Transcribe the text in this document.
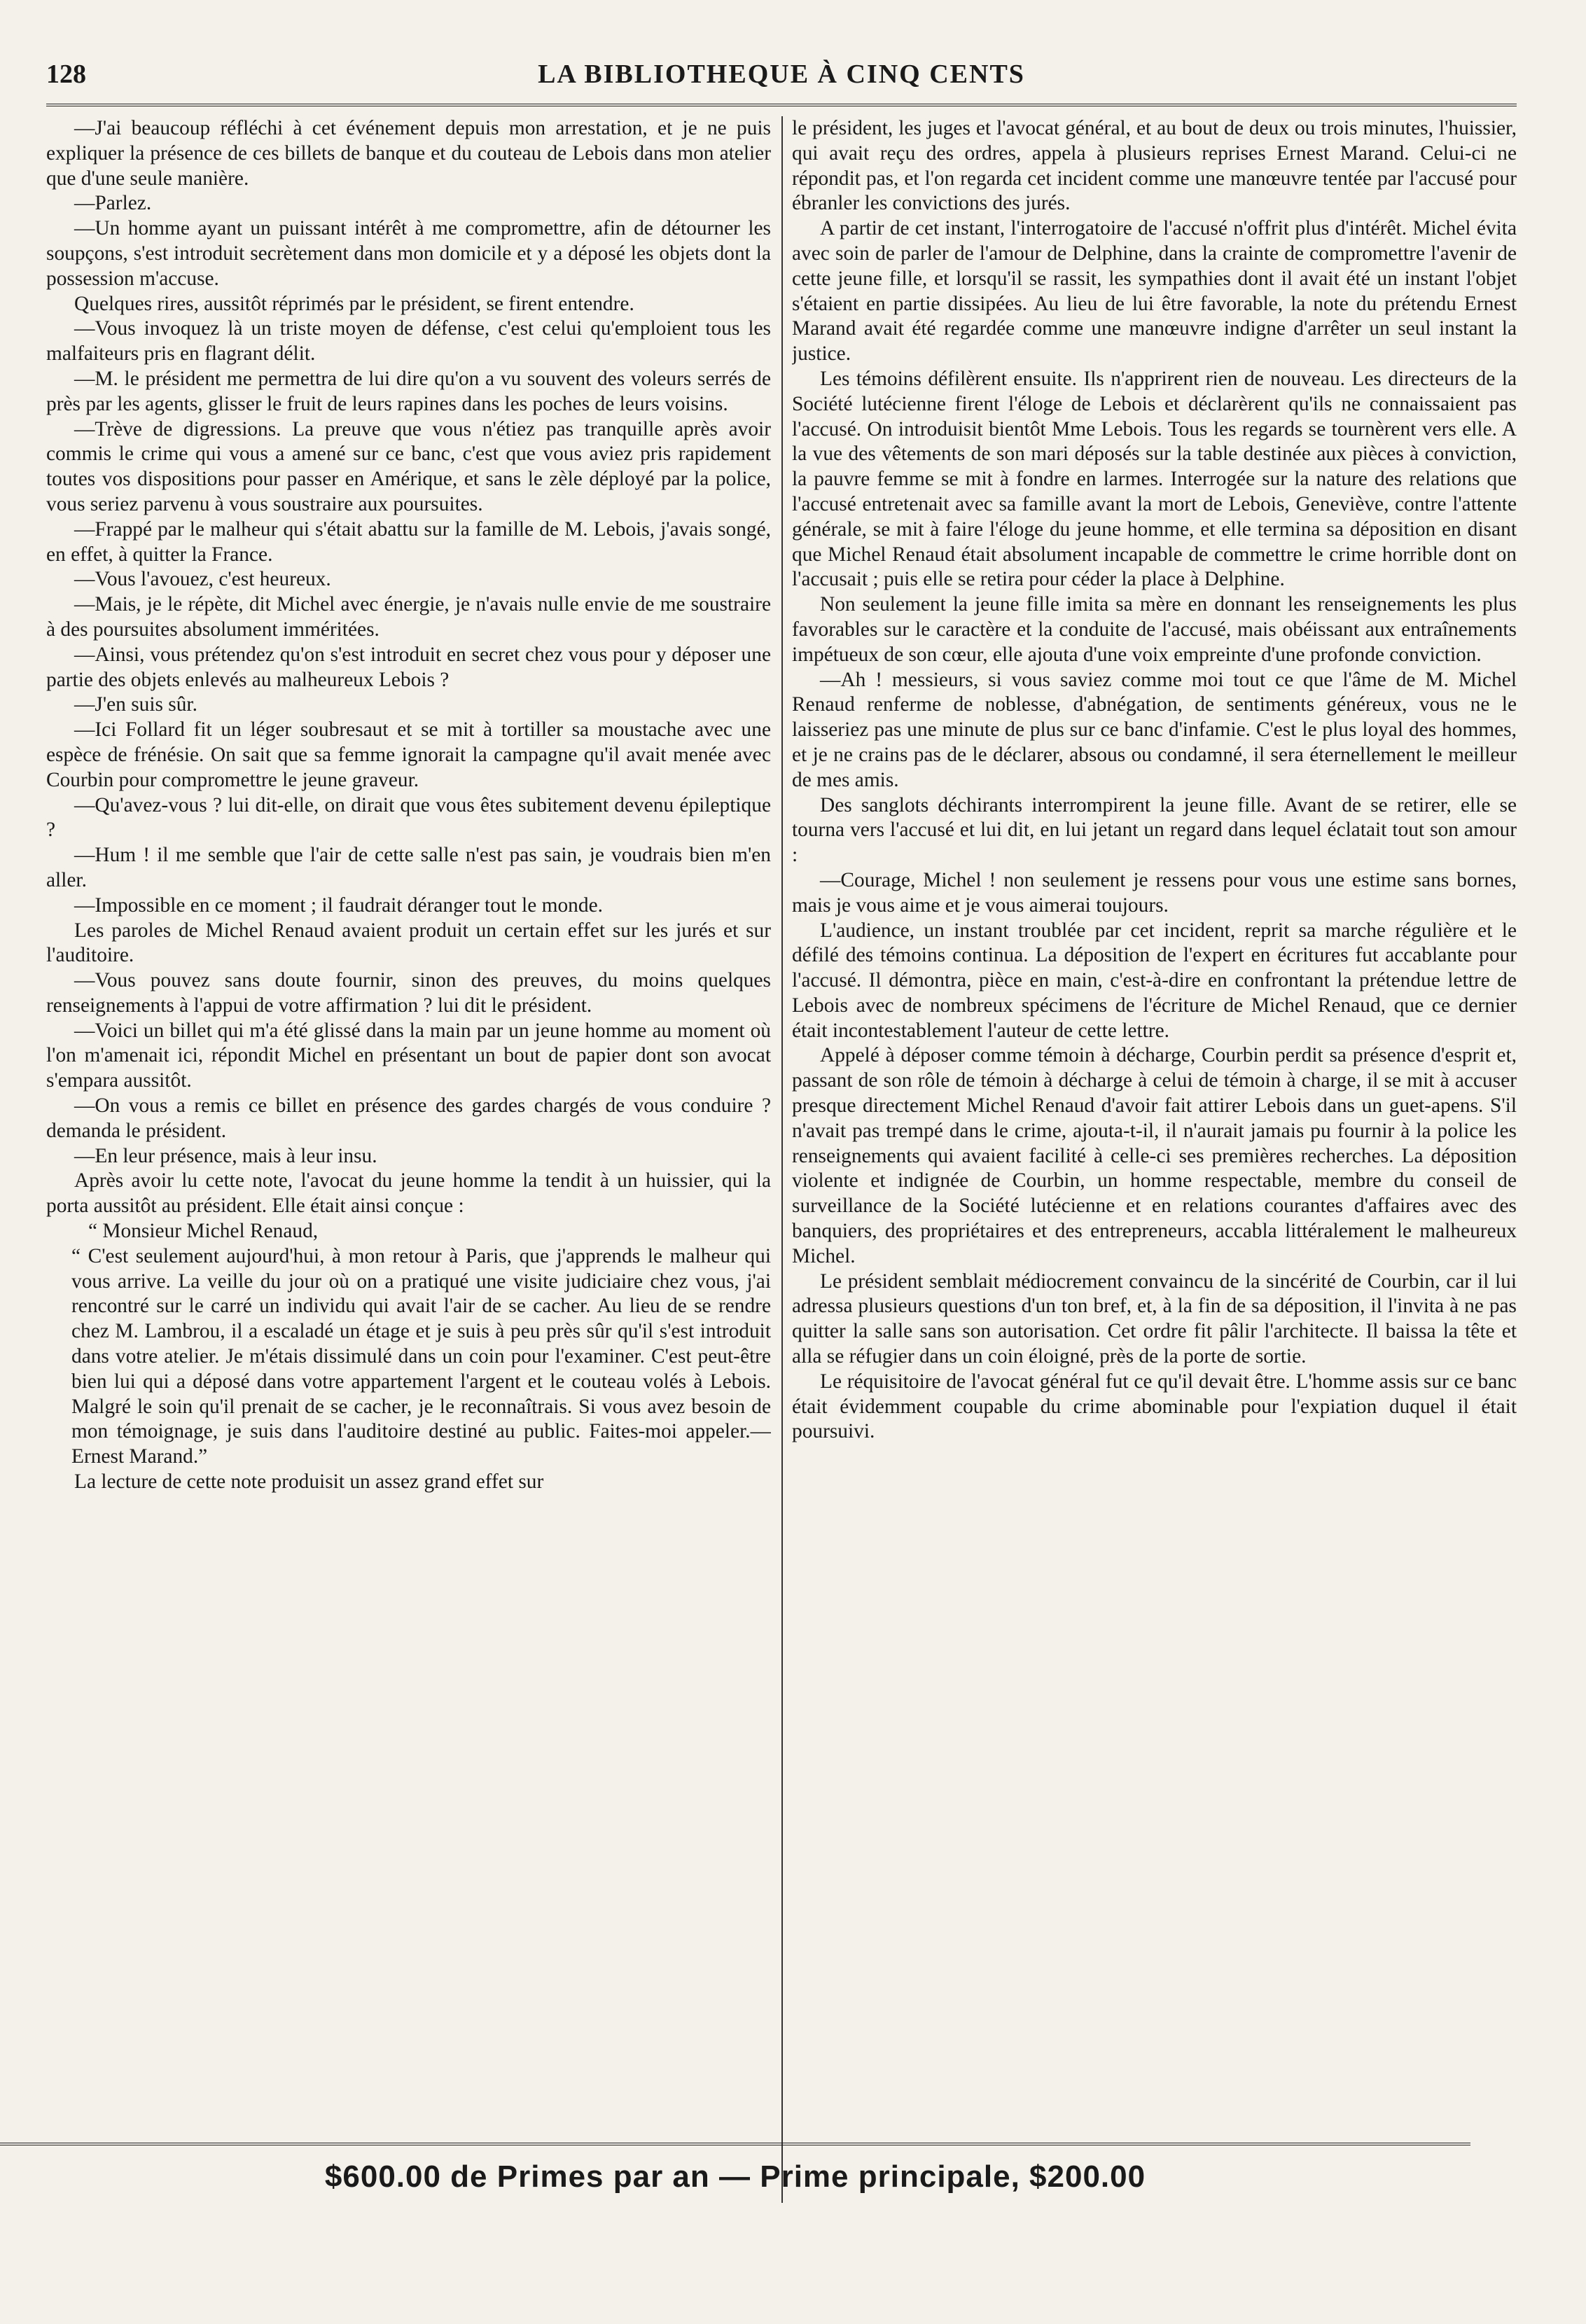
128	LA BIBLIOTHEQUE À CINQ CENTS

—J'ai beaucoup réfléchi à cet événement depuis mon arrestation, et je ne puis expliquer la présence de ces billets de banque et du couteau de Lebois dans mon atelier que d'une seule manière.

—Parlez.

—Un homme ayant un puissant intérêt à me compromettre, afin de détourner les soupçons, s'est introduit secrètement dans mon domicile et y a déposé les objets dont la possession m'accuse.

Quelques rires, aussitôt réprimés par le président, se firent entendre.

—Vous invoquez là un triste moyen de défense, c'est celui qu'emploient tous les malfaiteurs pris en flagrant délit.

—M. le président me permettra de lui dire qu'on a vu souvent des voleurs serrés de près par les agents, glisser le fruit de leurs rapines dans les poches de leurs voisins.

—Trève de digressions. La preuve que vous n'étiez pas tranquille après avoir commis le crime qui vous a amené sur ce banc, c'est que vous aviez pris rapidement toutes vos dispositions pour passer en Amérique, et sans le zèle déployé par la police, vous seriez parvenu à vous soustraire aux poursuites.

—Frappé par le malheur qui s'était abattu sur la famille de M. Lebois, j'avais songé, en effet, à quitter la France.

—Vous l'avouez, c'est heureux.

—Mais, je le répète, dit Michel avec énergie, je n'avais nulle envie de me soustraire à des poursuites absolument imméritées.

—Ainsi, vous prétendez qu'on s'est introduit en secret chez vous pour y déposer une partie des objets enlevés au malheureux Lebois ?

—J'en suis sûr.

—Ici Follard fit un léger soubresaut et se mit à tortiller sa moustache avec une espèce de frénésie. On sait que sa femme ignorait la campagne qu'il avait menée avec Courbin pour compromettre le jeune graveur.

—Qu'avez-vous ? lui dit-elle, on dirait que vous êtes subitement devenu épileptique ?

—Hum ! il me semble que l'air de cette salle n'est pas sain, je voudrais bien m'en aller.

—Impossible en ce moment ; il faudrait déranger tout le monde.

Les paroles de Michel Renaud avaient produit un certain effet sur les jurés et sur l'auditoire.

—Vous pouvez sans doute fournir, sinon des preuves, du moins quelques renseignements à l'appui de votre affirmation ? lui dit le président.

—Voici un billet qui m'a été glissé dans la main par un jeune homme au moment où l'on m'amenait ici, répondit Michel en présentant un bout de papier dont son avocat s'empara aussitôt.

—On vous a remis ce billet en présence des gardes chargés de vous conduire ? demanda le président.

—En leur présence, mais à leur insu.

Après avoir lu cette note, l'avocat du jeune homme la tendit à un huissier, qui la porta aussitôt au président. Elle était ainsi conçue :

“ Monsieur Michel Renaud,

“ C'est seulement aujourd'hui, à mon retour à Paris, que j'apprends le malheur qui vous arrive. La veille du jour où on a pratiqué une visite judiciaire chez vous, j'ai rencontré sur le carré un individu qui avait l'air de se cacher. Au lieu de se rendre chez M. Lambrou, il a escaladé un étage et je suis à peu près sûr qu'il s'est introduit dans votre atelier. Je m'étais dissimulé dans un coin pour l'examiner. C'est peut-être bien lui qui a déposé dans votre appartement l'argent et le couteau volés à Lebois. Malgré le soin qu'il prenait de se cacher, je le reconnaîtrais. Si vous avez besoin de mon témoignage, je suis dans l'auditoire destiné au public. Faites-moi appeler.—Ernest Marand.”

La lecture de cette note produisit un assez grand effet sur

le président, les juges et l'avocat général, et au bout de deux ou trois minutes, l'huissier, qui avait reçu des ordres, appela à plusieurs reprises Ernest Marand. Celui-ci ne répondit pas, et l'on regarda cet incident comme une manœuvre tentée par l'accusé pour ébranler les convictions des jurés.

A partir de cet instant, l'interrogatoire de l'accusé n'offrit plus d'intérêt. Michel évita avec soin de parler de l'amour de Delphine, dans la crainte de compromettre l'avenir de cette jeune fille, et lorsqu'il se rassit, les sympathies dont il avait été un instant l'objet s'étaient en partie dissipées. Au lieu de lui être favorable, la note du prétendu Ernest Marand avait été regardée comme une manœuvre indigne d'arrêter un seul instant la justice.

Les témoins défilèrent ensuite. Ils n'apprirent rien de nouveau. Les directeurs de la Société lutécienne firent l'éloge de Lebois et déclarèrent qu'ils ne connaissaient pas l'accusé. On introduisit bientôt Mme Lebois. Tous les regards se tournèrent vers elle. A la vue des vêtements de son mari déposés sur la table destinée aux pièces à conviction, la pauvre femme se mit à fondre en larmes. Interrogée sur la nature des relations que l'accusé entretenait avec sa famille avant la mort de Lebois, Geneviève, contre l'attente générale, se mit à faire l'éloge du jeune homme, et elle termina sa déposition en disant que Michel Renaud était absolument incapable de commettre le crime horrible dont on l'accusait ; puis elle se retira pour céder la place à Delphine.

Non seulement la jeune fille imita sa mère en donnant les renseignements les plus favorables sur le caractère et la conduite de l'accusé, mais obéissant aux entraînements impétueux de son cœur, elle ajouta d'une voix empreinte d'une profonde conviction.

—Ah ! messieurs, si vous saviez comme moi tout ce que l'âme de M. Michel Renaud renferme de noblesse, d'abnégation, de sentiments généreux, vous ne le laisseriez pas une minute de plus sur ce banc d'infamie. C'est le plus loyal des hommes, et je ne crains pas de le déclarer, absous ou condamné, il sera éternellement le meilleur de mes amis.

Des sanglots déchirants interrompirent la jeune fille. Avant de se retirer, elle se tourna vers l'accusé et lui dit, en lui jetant un regard dans lequel éclatait tout son amour :

—Courage, Michel ! non seulement je ressens pour vous une estime sans bornes, mais je vous aime et je vous aimerai toujours.

L'audience, un instant troublée par cet incident, reprit sa marche régulière et le défilé des témoins continua. La déposition de l'expert en écritures fut accablante pour l'accusé. Il démontra, pièce en main, c'est-à-dire en confrontant la prétendue lettre de Lebois avec de nombreux spécimens de l'écriture de Michel Renaud, que ce dernier était incontestablement l'auteur de cette lettre.

Appelé à déposer comme témoin à décharge, Courbin perdit sa présence d'esprit et, passant de son rôle de témoin à décharge à celui de témoin à charge, il se mit à accuser presque directement Michel Renaud d'avoir fait attirer Lebois dans un guet-apens. S'il n'avait pas trempé dans le crime, ajouta-t-il, il n'aurait jamais pu fournir à la police les renseignements qui avaient facilité à celle-ci ses premières recherches. La déposition violente et indignée de Courbin, un homme respectable, membre du conseil de surveillance de la Société lutécienne et en relations courantes d'affaires avec des banquiers, des propriétaires et des entrepreneurs, accabla littéralement le malheureux Michel.

Le président semblait médiocrement convaincu de la sincérité de Courbin, car il lui adressa plusieurs questions d'un ton bref, et, à la fin de sa déposition, il l'invita à ne pas quitter la salle sans son autorisation. Cet ordre fit pâlir l'architecte. Il baissa la tête et alla se réfugier dans un coin éloigné, près de la porte de sortie.

Le réquisitoire de l'avocat général fut ce qu'il devait être. L'homme assis sur ce banc était évidemment coupable du crime abominable pour l'expiation duquel il était poursuivi.

$600.00 de Primes par an — Prime principale, $200.00
